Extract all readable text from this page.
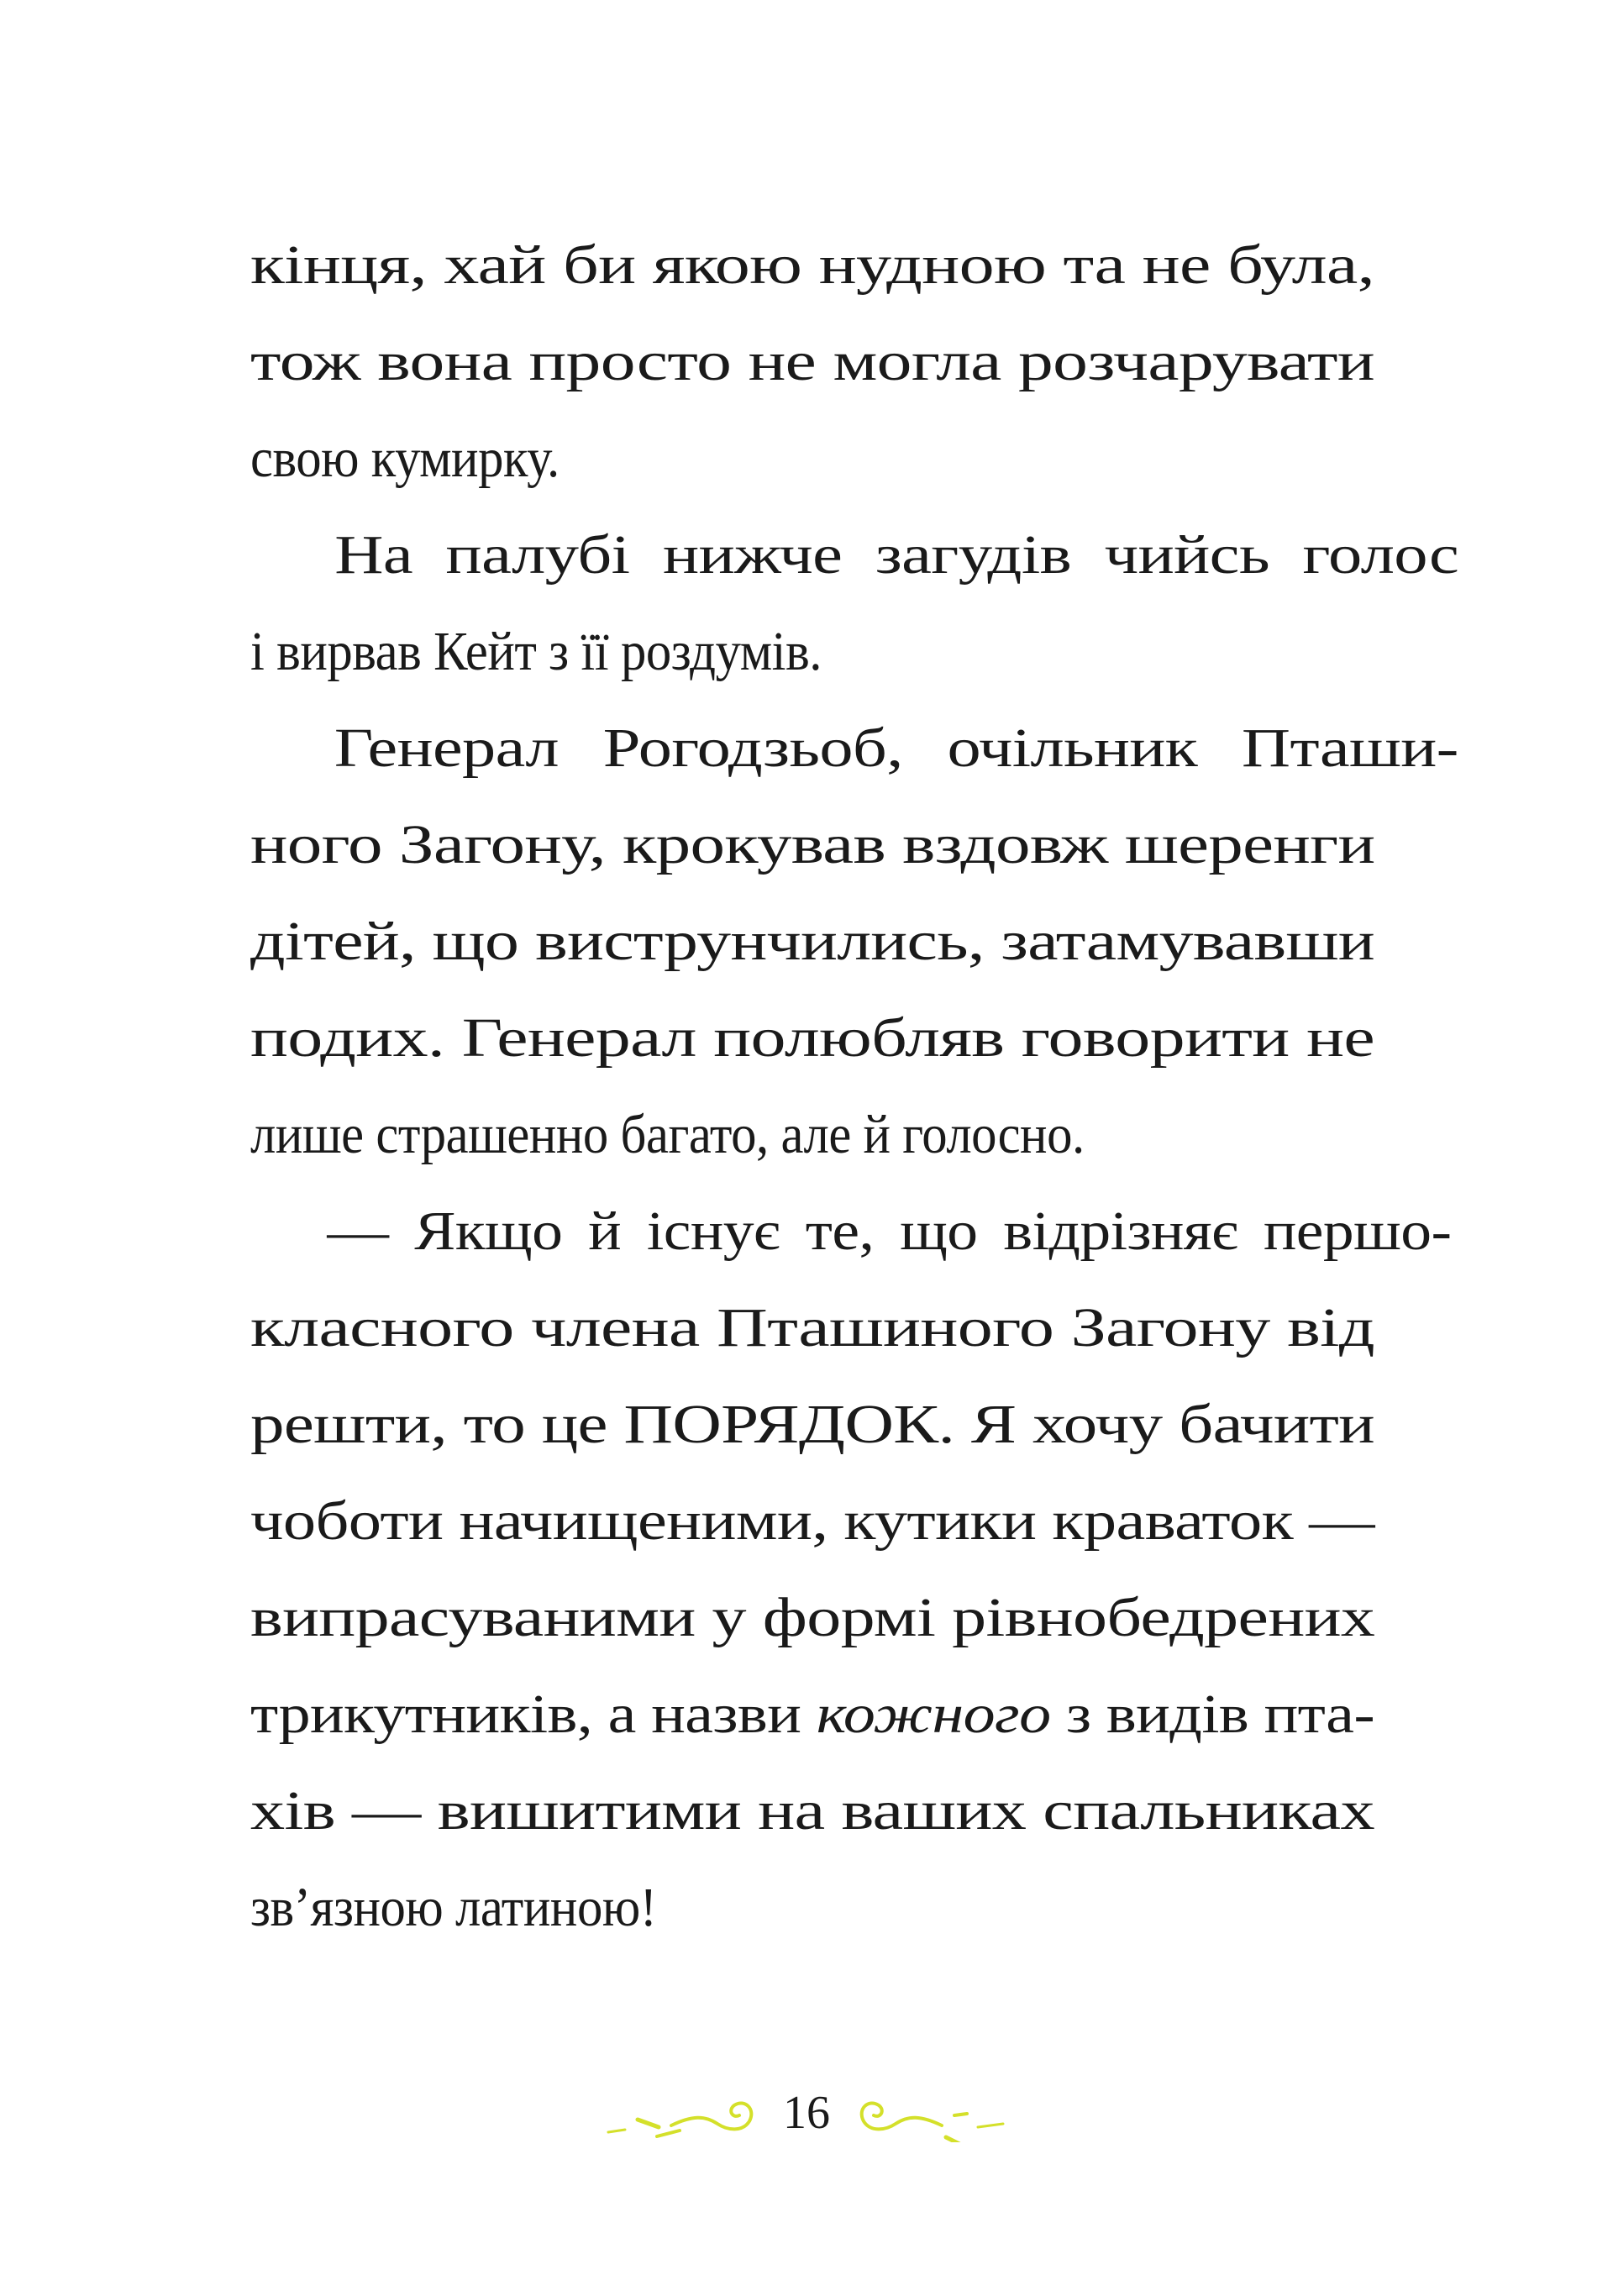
кінця, хай би якою нудною та не була,
тож вона просто не могла розчарувати
свою кумирку.

На палубі нижче загудів чийсь голос
і вирвав Кейт з її роздумів.

Генерал Рогодзьоб, очільник Пташи-
ного Загону, крокував вздовж шеренги
дітей, що виструнчились, затамувавши
подих. Генерал полюбляв говорити не
лише страшенно багато, але й голосно.

— Якщо й існує те, що відрізняє першо-
класного члена Пташиного Загону від
решти, то це ПОРЯДОК. Я хочу бачити
чоботи начищеними, кутики краваток —
випрасуваними у формі рівнобедрених
трикутників, а назви кожного з видів пта-
хів — вишитими на ваших спальниках
зв’язною латиною!

16
